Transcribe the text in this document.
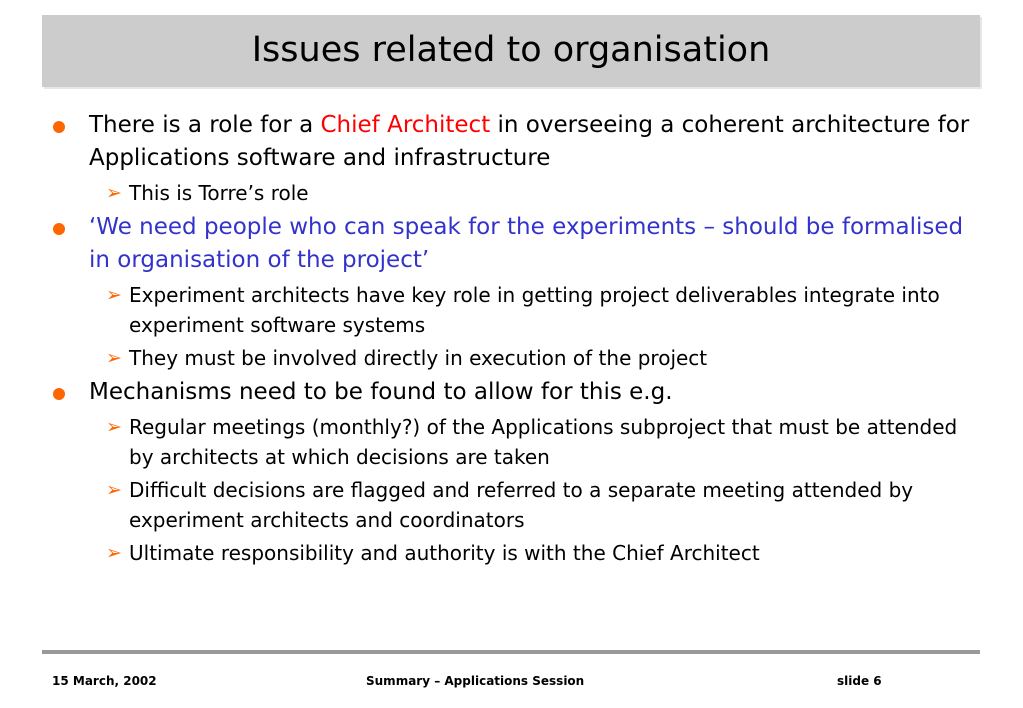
Issues related to organisation
There is a role for a Chief Architect in overseeing a coherent architecture for Applications software and infrastructure
➢ This is Torre’s role
‘We need people who can speak for the experiments – should be formalised in organisation of the project’
➢ Experiment architects have key role in getting project deliverables integrate into experiment software systems
➢ They must be involved directly in execution of the project
Mechanisms need to be found to allow for this e.g.
➢ Regular meetings (monthly?) of the Applications subproject that must be attended by architects at which decisions are taken
➢ Difficult decisions are flagged and referred to a separate meeting attended by experiment architects and coordinators
➢ Ultimate responsibility and authority is with the Chief Architect
15 March, 2002	Summary – Applications Session	slide 6
